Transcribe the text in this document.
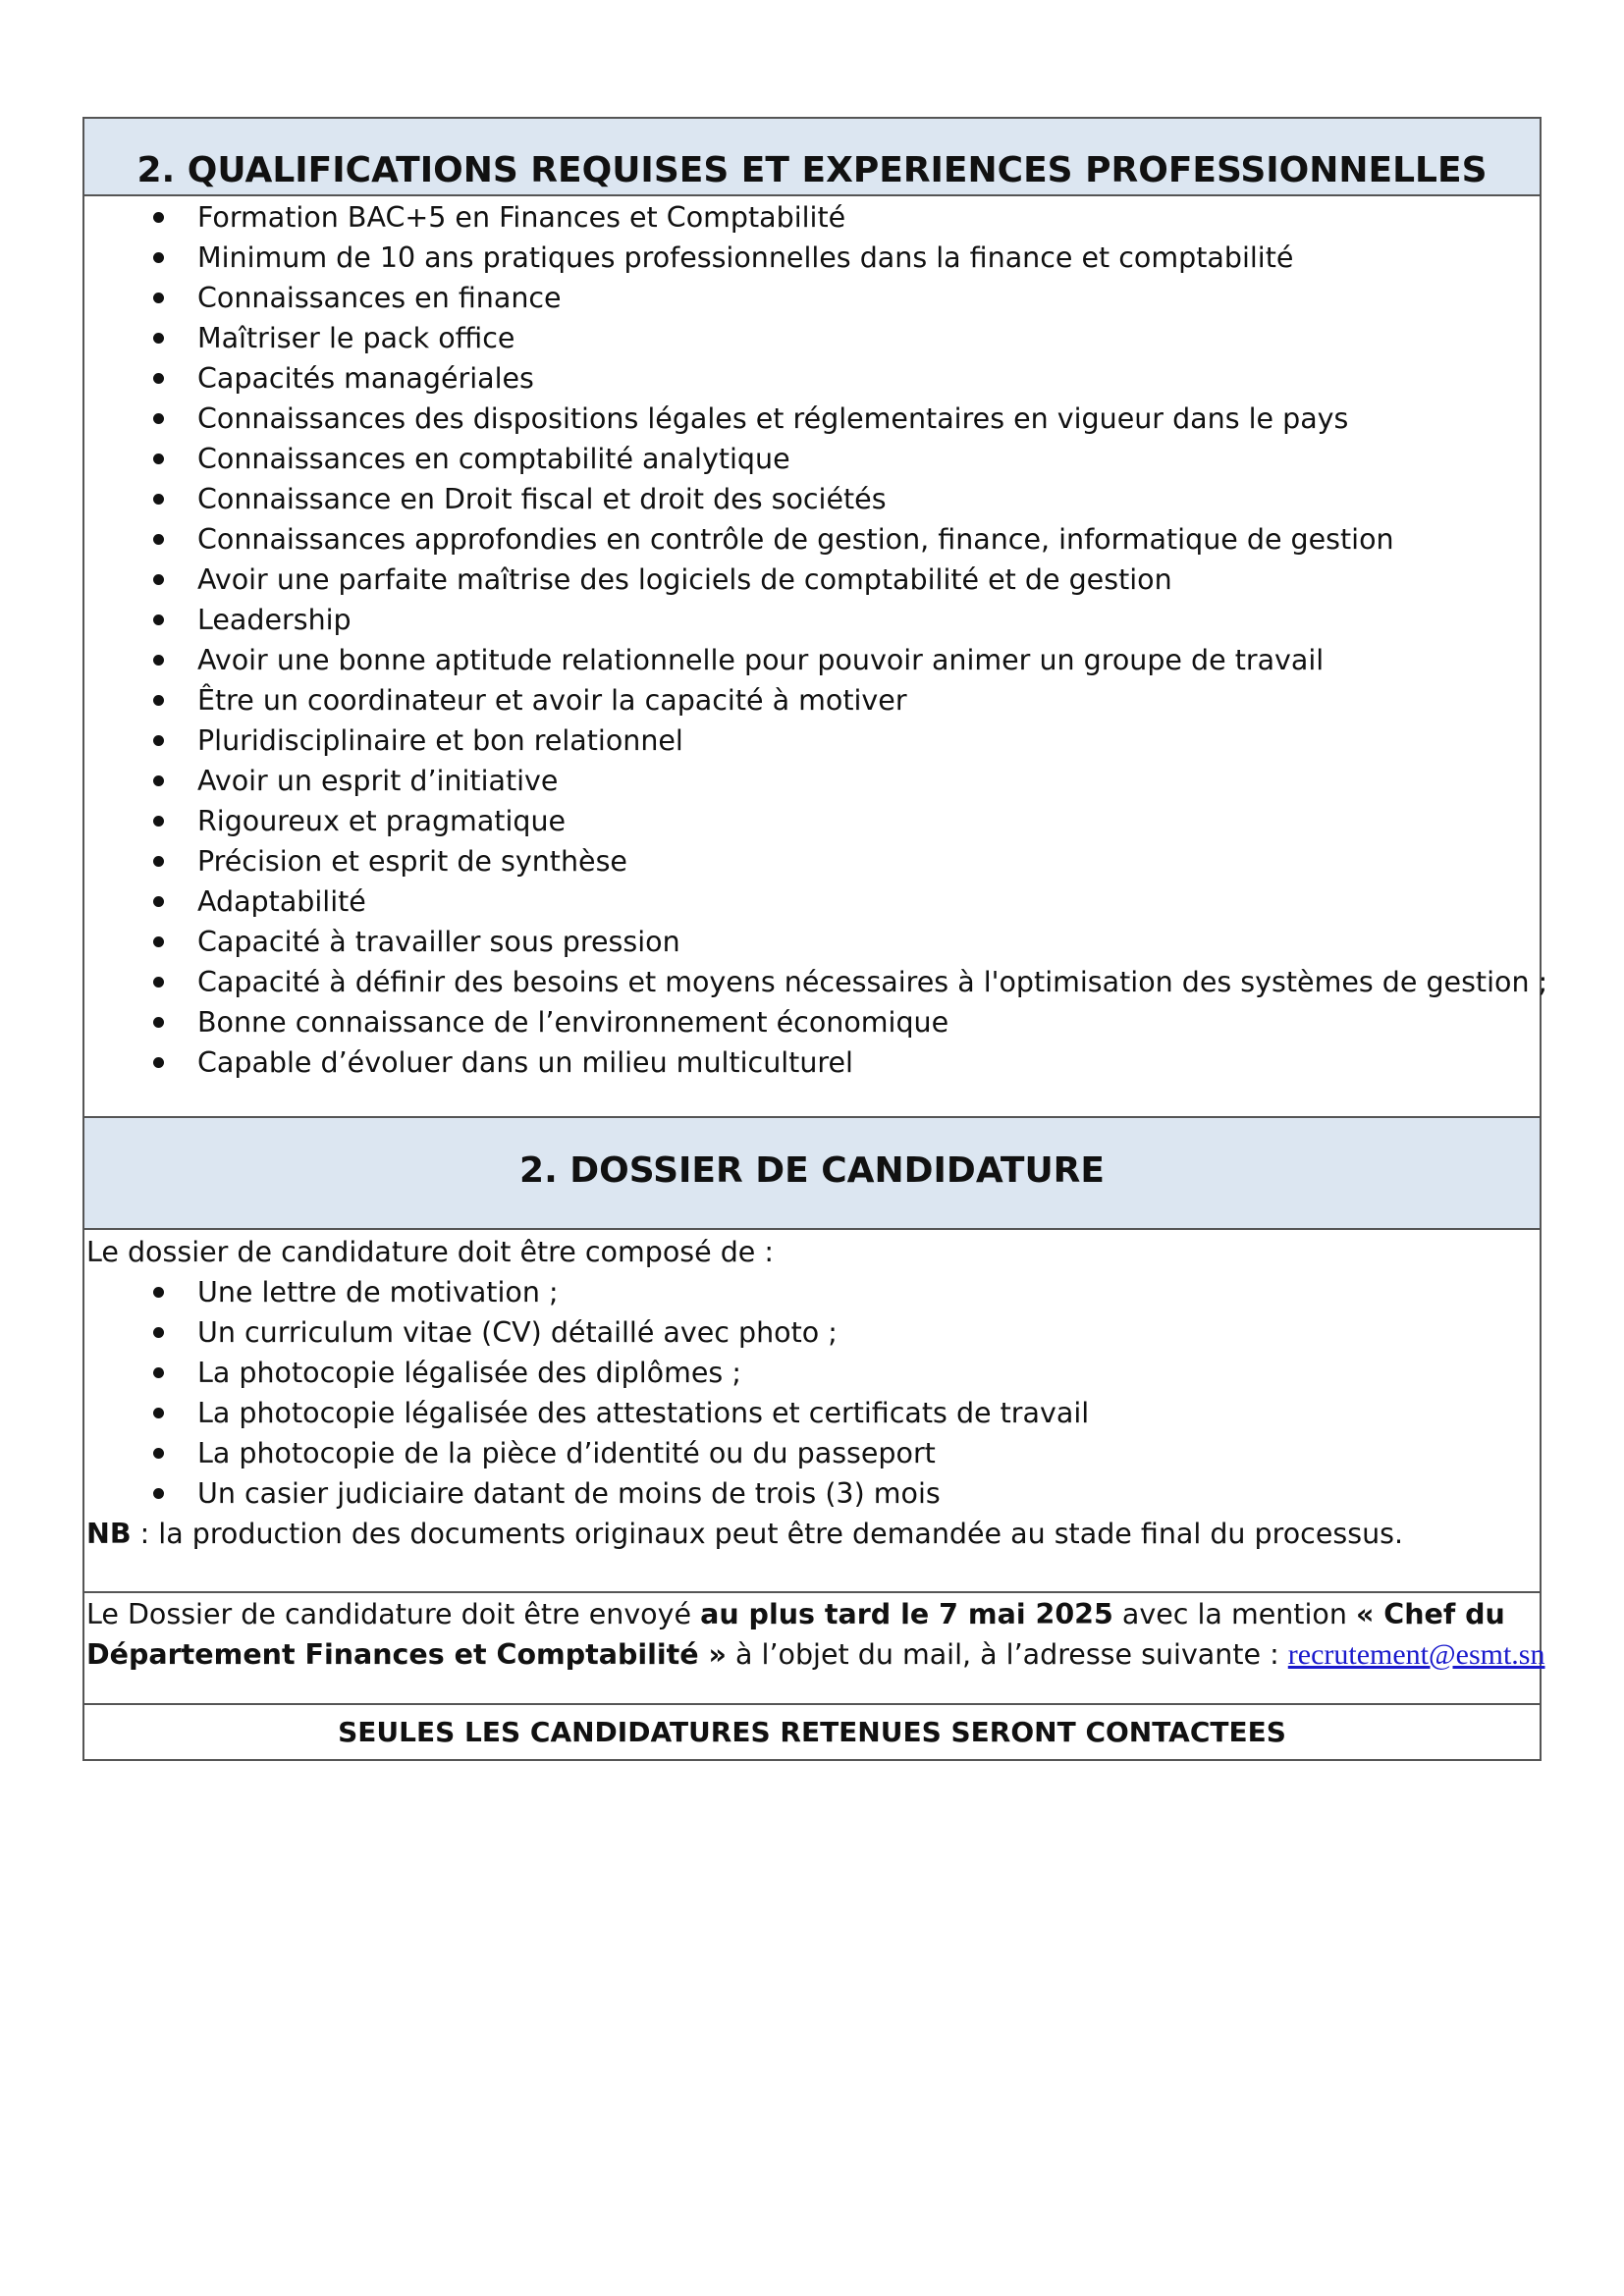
2. QUALIFICATIONS REQUISES ET EXPERIENCES PROFESSIONNELLES
Formation BAC+5 en Finances et Comptabilité
Minimum de 10 ans pratiques professionnelles dans la finance et comptabilité
Connaissances en finance
Maîtriser le pack office
Capacités managériales
Connaissances des dispositions légales et réglementaires en vigueur dans le pays
Connaissances en comptabilité analytique
Connaissance en Droit fiscal et droit des sociétés
Connaissances approfondies en contrôle de gestion, finance, informatique de gestion
Avoir une parfaite maîtrise des logiciels de comptabilité et de gestion
Leadership
Avoir une bonne aptitude relationnelle pour pouvoir animer un groupe de travail
Être un coordinateur et avoir la capacité à motiver
Pluridisciplinaire et bon relationnel
Avoir un esprit d’initiative
Rigoureux et pragmatique
Précision et esprit de synthèse
Adaptabilité
Capacité à travailler sous pression
Capacité à définir des besoins et moyens nécessaires à l'optimisation des systèmes de gestion ;
Bonne connaissance de l’environnement économique
Capable d’évoluer dans un milieu multiculturel
2. DOSSIER DE CANDIDATURE
Le dossier de candidature doit être composé de :
Une lettre de motivation ;
Un curriculum vitae (CV) détaillé avec photo ;
La photocopie légalisée des diplômes ;
La photocopie légalisée des attestations et certificats de travail
La photocopie de la pièce d’identité ou du passeport
Un casier judiciaire datant de moins de trois (3) mois
NB : la production des documents originaux peut être demandée au stade final du processus.
Le Dossier de candidature doit être envoyé au plus tard le 7 mai 2025 avec la mention « Chef du
Département Finances et Comptabilité » à l’objet du mail, à l’adresse suivante : recrutement@esmt.sn
SEULES LES CANDIDATURES RETENUES SERONT CONTACTEES
